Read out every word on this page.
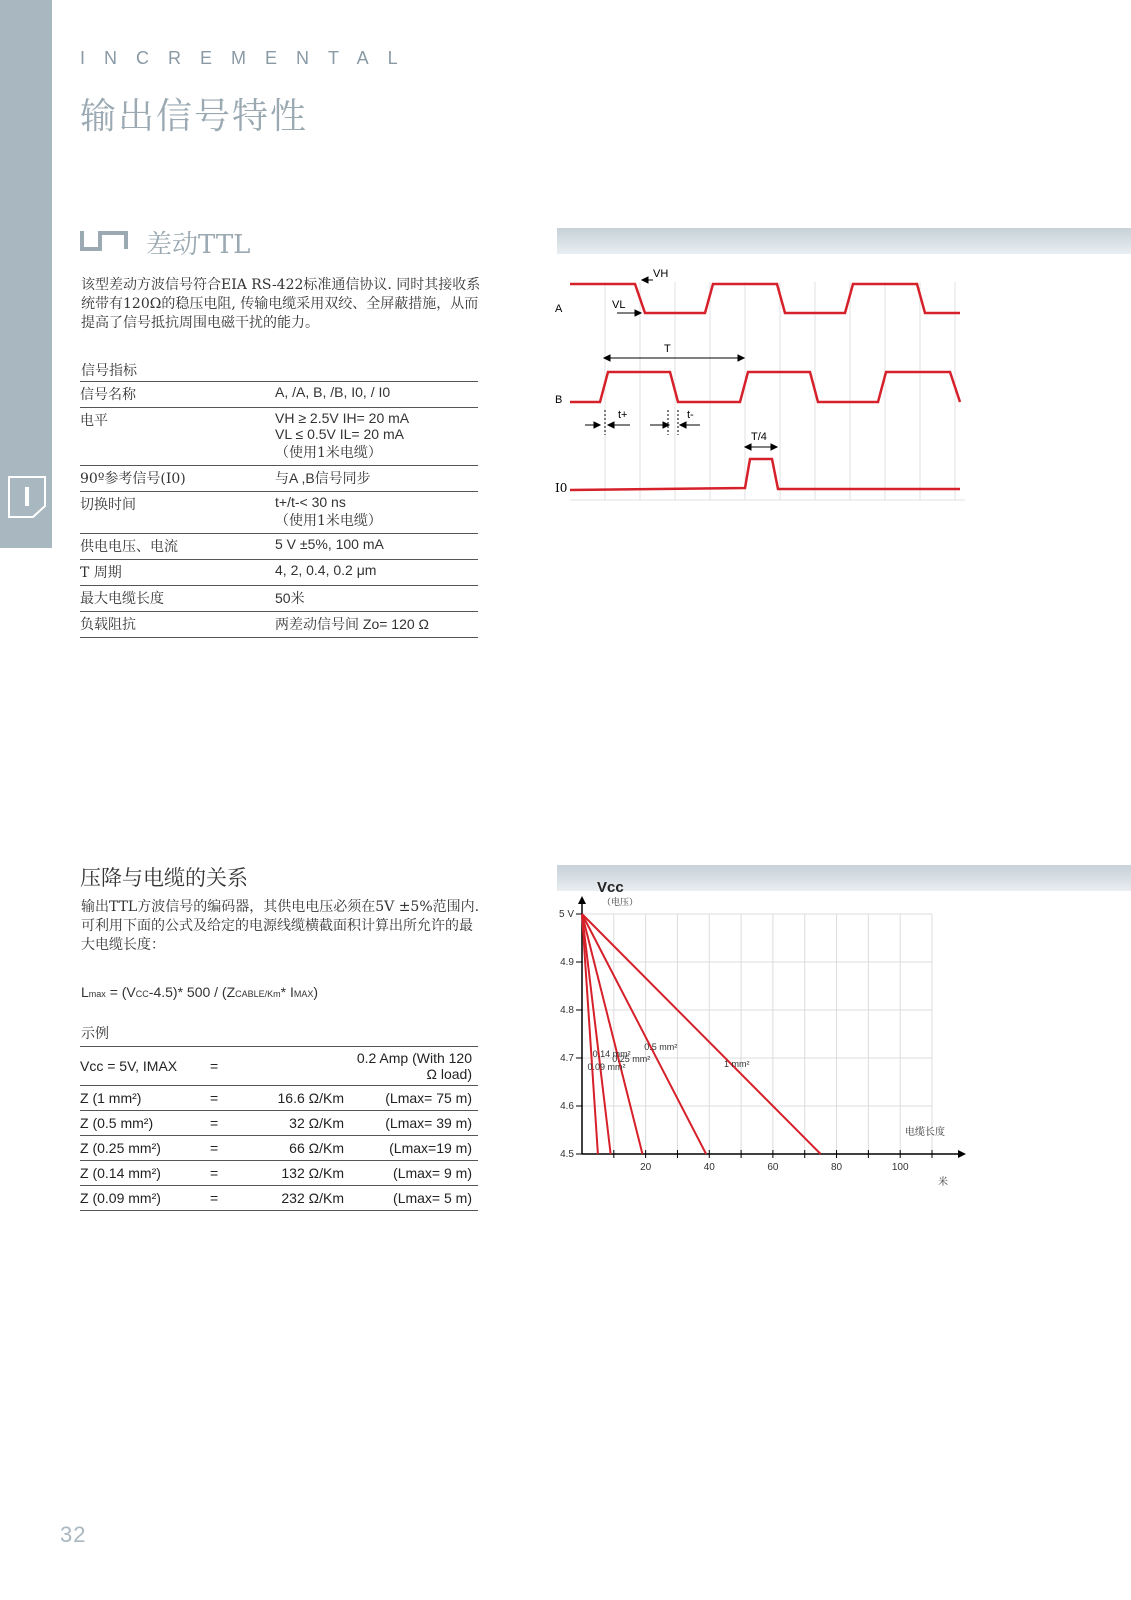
I
INCREMENTAL
输出信号特性
差动TTL
该型差动方波信号符合EIA RS-422标准通信协议. 同时其接收系统带有120Ω的稳压电阻, 传输电缆采用双绞、全屏蔽措施，从而提高了信号抵抗周围电磁干扰的能力。
信号指标
信号名称	A, /A, B, /B, I0, / I0

电平	VH ≥ 2.5V IH= 20 mA
VL ≤ 0.5V IL= 20 mA
（使用1米电缆）

90º参考信号(I0)	与A ,B信号同步

切换时间	t+/t-< 30 ns
（使用1米电缆）

供电电压、电流	5 V ±5%, 100 mA

T 周期	4, 2, 0.4, 0.2 μm

最大电缆长度	50米

负载阻抗	两差动信号间 Zo= 120 Ω
A
B
I0
VH
VL
T
t+	t-
T/4
压降与电缆的关系
输出TTL方波信号的编码器，其供电电压必须在5V ±5%范围内.
可利用下面的公式及给定的电源线缆横截面积计算出所允许的最大电缆长度：
Lmax = (VCC-4.5)* 500 / (ZCABLE/Km* IMAX)
示例
Vcc = 5V, IMAX	=		0.2 Amp (With 120 Ω load)
Z (1 mm²)	=	16.6 Ω/Km	(Lmax= 75 m)
Z (0.5 mm²)	=	32 Ω/Km	(Lmax= 39 m)
Z (0.25 mm²)	=	66 Ω/Km	(Lmax=19 m)
Z (0.14 mm²)	=	132 Ω/Km	(Lmax= 9 m)
Z (0.09 mm²)	=	232 Ω/Km	(Lmax= 5 m)
5 V
4.9
4.8
4.7
4.6
4.5
20	40	60	80	100
1 mm²
0.5 mm²
0.25 mm²
0.14 mm²
0.09 mm²
Vcc
（电压）
电缆长度
米
32
